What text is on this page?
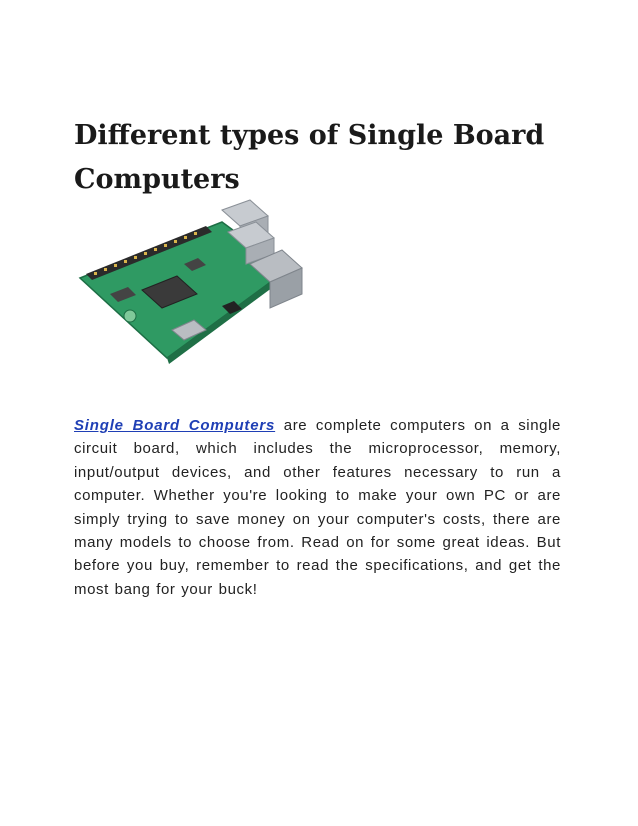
Different types of Single Board Computers

Single Board Computers are complete computers on a single circuit board, which includes the microprocessor, memory, input/output devices, and other features necessary to run a computer. Whether you're looking to make your own PC or are simply trying to save money on your computer's costs, there are many models to choose from. Read on for some great ideas. But before you buy, remember to read the specifications, and get the most bang for your buck!
